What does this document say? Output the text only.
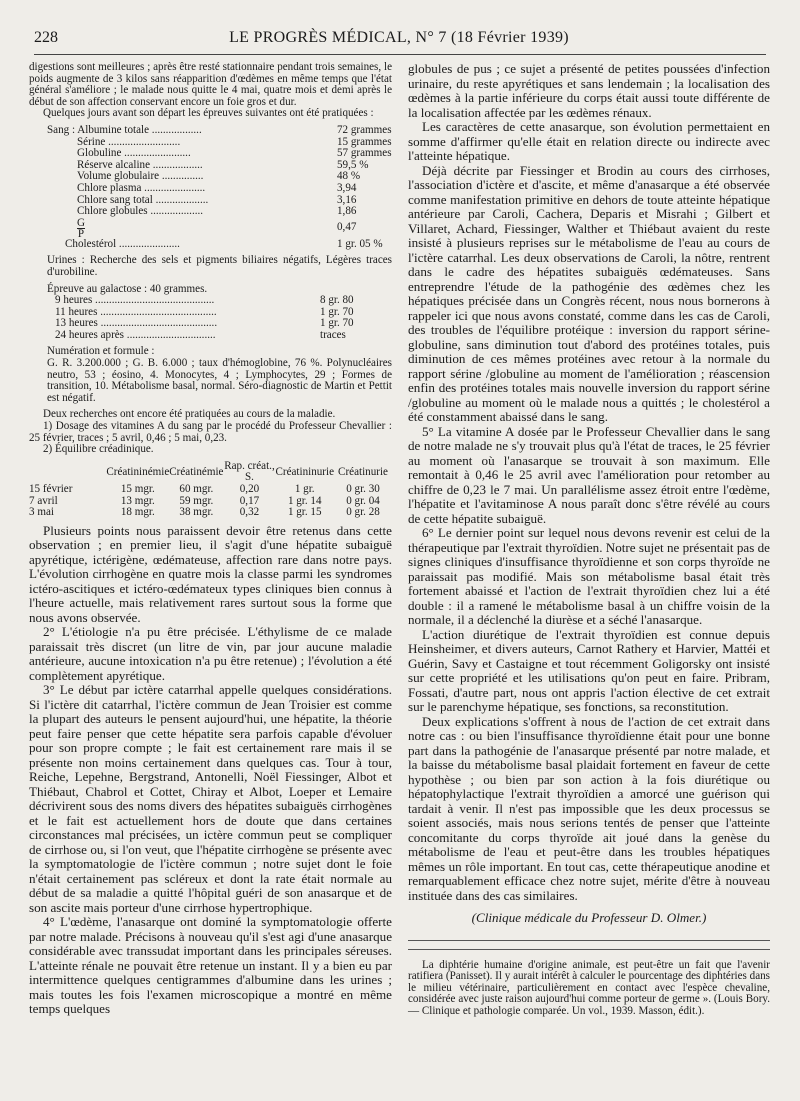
228	LE PROGRÈS MÉDICAL, N° 7 (18 Février 1939)

digestions sont meilleures ; après être resté stationnaire pendant trois semaines, le poids augmente de 3 kilos sans réapparition d'œdèmes en même temps que l'état général s'améliore ; le malade nous quitte le 4 mai, quatre mois et demi après le début de son affection conservant encore un foie gros et dur.

Quelques jours avant son départ les épreuves suivantes ont été pratiquées :

Sang : Albumine totale ..................	72 grammes
Sérine ..........................	15 grammes
Globuline ........................	57 grammes
Réserve alcaline ..................	59,5 %
Volume globulaire ...............	48 %
Chlore plasma ......................	3,94
Chlore sang total ...................	3,16
Chlore globules ...................	1,86

$\frac{G}{P}$	0,47
Cholestérol ......................	1 gr. 05 %

Urines : Recherche des sels et pigments biliaires négatifs, Légères traces d'urobiline.

Épreuve au galactose : 40 grammes.

9 heures ...........................................	8 gr. 80
11 heures ..........................................	1 gr. 70
13 heures ..........................................	1 gr. 70
24 heures après ................................	traces

Numération et formule :

G. R. 3.200.000 ; G. B. 6.000 ; taux d'hémoglobine, 76 %. Polynucléaires neutro, 53 ; éosino, 4. Monocytes, 4 ; Lymphocytes, 29 ; Formes de transition, 10. Métabolisme basal, normal. Séro-diagnostic de Martin et Pettit est négatif.

Deux recherches ont encore été pratiquées au cours de la maladie.

1) Dosage des vitamines A du sang par le procédé du Professeur Chevallier : 25 février, traces ; 5 avril, 0,46 ; 5 mai, 0,23.

2) Équilibre créadinique.

	Créatininémie	Créatinémie	Rap. créat., S.	Créatininurie	Créatinurie
15 février	15 mgr.	60 mgr.	0,20	1 gr.	0 gr. 30
7 avril	13 mgr.	59 mgr.	0,17	1 gr. 14	0 gr. 04
3 mai	18 mgr.	38 mgr.	0,32	1 gr. 15	0 gr. 28

Plusieurs points nous paraissent devoir être retenus dans cette observation ; en premier lieu, il s'agit d'une hépatite subaiguë apyrétique, ictérigène, œdémateuse, affection rare dans notre pays. L'évolution cirrhogène en quatre mois la classe parmi les syndromes ictéro-ascitiques et ictéro-œdémateux types cliniques bien connus à l'heure actuelle, mais relativement rares surtout sous la forme que nous avons observée.

2° L'étiologie n'a pu être précisée. L'éthylisme de ce malade paraissait très discret (un litre de vin, par jour aucune maladie antérieure, aucune intoxication n'a pu être retenue) ; l'évolution a été complètement apyrétique.

3° Le début par ictère catarrhal appelle quelques considérations. Si l'ictère dit catarrhal, l'ictère commun de Jean Troisier est comme la plupart des auteurs le pensent aujourd'hui, une hépatite, la théorie peut faire penser que cette hépatite sera parfois capable d'évoluer pour son propre compte ; le fait est certainement rare mais il se présente non moins certainement dans quelques cas. Tour à tour, Reiche, Lepehne, Bergstrand, Antonelli, Noël Fiessinger, Albot et Thiébaut, Chabrol et Cottet, Chiray et Albot, Loeper et Lemaire décrivirent sous des noms divers des hépatites subaiguës cirrhogènes et le fait est actuellement hors de doute que dans certaines circonstances mal précisées, un ictère commun peut se compliquer de cirrhose ou, si l'on veut, que l'hépatite cirrhogène se présente avec la symptomatologie de l'ictère commun ; notre sujet dont le foie n'était certainement pas scléreux et dont la rate était normale au début de sa maladie a quitté l'hôpital guéri de son anasarque et de son ascite mais porteur d'une cirrhose hypertrophique.

4° L'œdème, l'anasarque ont dominé la symptomatologie offerte par notre malade. Précisons à nouveau qu'il s'est agi d'une anasarque considérable avec transsudat important dans les principales séreuses. L'atteinte rénale ne pouvait être retenue un instant. Il y a bien eu par intermittence quelques centigrammes d'albumine dans les urines ; mais toutes les fois l'examen microscopique a montré en même temps quelques

globules de pus ; ce sujet a présenté de petites poussées d'infection urinaire, du reste apyrétiques et sans lendemain ; la localisation des œdèmes à la partie inférieure du corps était aussi toute différente de la localisation affectée par les œdèmes rénaux.

Les caractères de cette anasarque, son évolution permettaient en somme d'affirmer qu'elle était en relation directe ou indirecte avec l'atteinte hépatique.

Déjà décrite par Fiessinger et Brodin au cours des cirrhoses, l'association d'ictère et d'ascite, et même d'anasarque a été observée comme manifestation primitive en dehors de toute atteinte hépatique antérieure par Caroli, Cachera, Deparis et Misrahi ; Gilbert et Villaret, Achard, Fiessinger, Walther et Thiébaut avaient du reste insisté à plusieurs reprises sur le métabolisme de l'eau au cours de l'ictère catarrhal. Les deux observations de Caroli, la nôtre, rentrent dans le cadre des hépatites subaiguës œdémateuses. Sans entreprendre l'étude de la pathogénie des œdèmes chez les hépatiques précisée dans un Congrès récent, nous nous bornerons à rappeler ici que nous avons constaté, comme dans les cas de Caroli, des troubles de l'équilibre protéique : inversion du rapport sérine-globuline, sans diminution tout d'abord des protéines totales, puis diminution de ces mêmes protéines avec retour à la normale du rapport sérine /globuline au moment de l'amélioration ; réascension enfin des protéines totales mais nouvelle inversion du rapport sérine /globuline au moment où le malade nous a quittés ; le cholestérol a été constamment abaissé dans le sang.

5° La vitamine A dosée par le Professeur Chevallier dans le sang de notre malade ne s'y trouvait plus qu'à l'état de traces, le 25 février au moment où l'anasarque se trouvait à son maximum. Elle remontait à 0,46 le 25 avril avec l'amélioration pour retomber au chiffre de 0,23 le 7 mai. Un parallélisme assez étroit entre l'œdème, l'hépatite et l'avitaminose A nous paraît donc s'être révélé au cours de cette hépatite subaiguë.

6° Le dernier point sur lequel nous devons revenir est celui de la thérapeutique par l'extrait thyroïdien. Notre sujet ne présentait pas de signes cliniques d'insuffisance thyroïdienne et son corps thyroïde ne paraissait pas modifié. Mais son métabolisme basal était très fortement abaissé et l'action de l'extrait thyroïdien chez lui a été double : il a ramené le métabolisme basal à un chiffre voisin de la normale, il a déclenché la diurèse et a séché l'anasarque.

L'action diurétique de l'extrait thyroïdien est connue depuis Heinsheimer, et divers auteurs, Carnot Rathery et Harvier, Mattéi et Guérin, Savy et Castaigne et tout récemment Goligorsky ont insisté sur cette propriété et les utilisations qu'on peut en faire. Pribram, Fossati, d'autre part, nous ont appris l'action élective de cet extrait sur le parenchyme hépatique, ses fonctions, sa reconstitution.

Deux explications s'offrent à nous de l'action de cet extrait dans notre cas : ou bien l'insuffisance thyroïdienne était pour une bonne part dans la pathogénie de l'anasarque présenté par notre malade, et la baisse du métabolisme basal plaidait fortement en faveur de cette hypothèse ; ou bien par son action à la fois diurétique ou hépatophylactique l'extrait thyroïdien a amorcé une guérison qui tardait à venir. Il n'est pas impossible que les deux processus se soient associés, mais nous serions tentés de penser que l'atteinte concomitante du corps thyroïde ait joué dans la genèse du métabolisme de l'eau et peut-être dans les troubles hépatiques mêmes un rôle important. En tout cas, cette thérapeutique anodine et remarquablement efficace chez notre sujet, mérite d'être à nouveau instituée dans des cas similaires.

(Clinique médicale du Professeur D. Olmer.)

La diphtérie humaine d'origine animale, est peut-être un fait que l'avenir ratifiera (Panisset). Il y aurait intérêt à calculer le pourcentage des diphtéries dans le milieu vétérinaire, particulièrement en contact avec l'espèce chevaline, considérée avec juste raison aujourd'hui comme porteur de germe ». (Louis Bory. — Clinique et pathologie comparée. Un vol., 1939. Masson, édit.).
